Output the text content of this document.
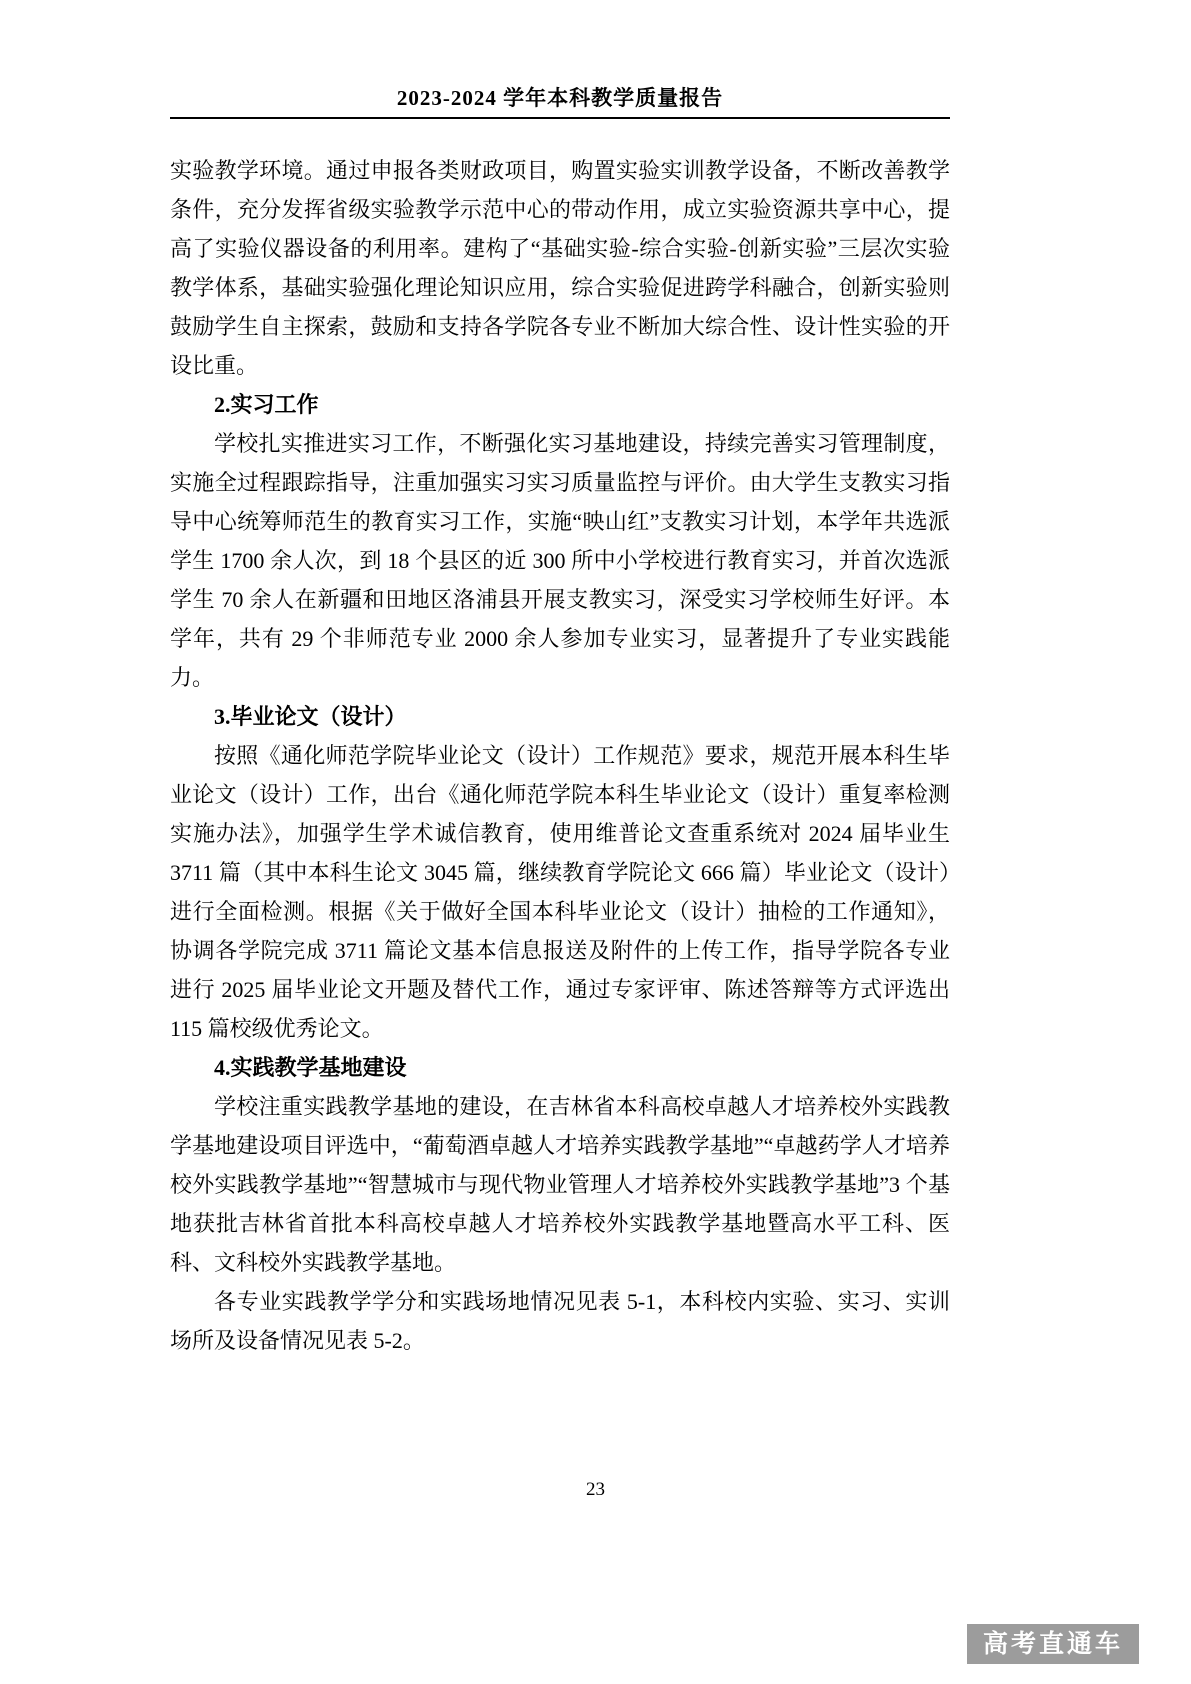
2023-2024 学年本科教学质量报告

实验教学环境。通过申报各类财政项目，购置实验实训教学设备，不断改善教学条件，充分发挥省级实验教学示范中心的带动作用，成立实验资源共享中心，提高了实验仪器设备的利用率。建构了“基础实验-综合实验-创新实验”三层次实验教学体系，基础实验强化理论知识应用，综合实验促进跨学科融合，创新实验则鼓励学生自主探索，鼓励和支持各学院各专业不断加大综合性、设计性实验的开设比重。

2.实习工作

学校扎实推进实习工作，不断强化实习基地建设，持续完善实习管理制度，实施全过程跟踪指导，注重加强实习实习质量监控与评价。由大学生支教实习指导中心统筹师范生的教育实习工作，实施“映山红”支教实习计划，本学年共选派学生 1700 余人次，到 18 个县区的近 300 所中小学校进行教育实习，并首次选派学生 70 余人在新疆和田地区洛浦县开展支教实习，深受实习学校师生好评。本学年，共有 29 个非师范专业 2000 余人参加专业实习，显著提升了专业实践能力。

3.毕业论文（设计）

按照《通化师范学院毕业论文（设计）工作规范》要求，规范开展本科生毕业论文（设计）工作，出台《通化师范学院本科生毕业论文（设计）重复率检测实施办法》，加强学生学术诚信教育，使用维普论文查重系统对 2024 届毕业生 3711 篇（其中本科生论文 3045 篇，继续教育学院论文 666 篇）毕业论文（设计）进行全面检测。根据《关于做好全国本科毕业论文（设计）抽检的工作通知》，协调各学院完成 3711 篇论文基本信息报送及附件的上传工作，指导学院各专业进行 2025 届毕业论文开题及替代工作，通过专家评审、陈述答辩等方式评选出 115 篇校级优秀论文。

4.实践教学基地建设

学校注重实践教学基地的建设，在吉林省本科高校卓越人才培养校外实践教学基地建设项目评选中，“葡萄酒卓越人才培养实践教学基地”“卓越药学人才培养校外实践教学基地”“智慧城市与现代物业管理人才培养校外实践教学基地”3 个基地获批吉林省首批本科高校卓越人才培养校外实践教学基地暨高水平工科、医科、文科校外实践教学基地。

各专业实践教学学分和实践场地情况见表 5-1，本科校内实验、实习、实训场所及设备情况见表 5-2。

23
高考直通车
